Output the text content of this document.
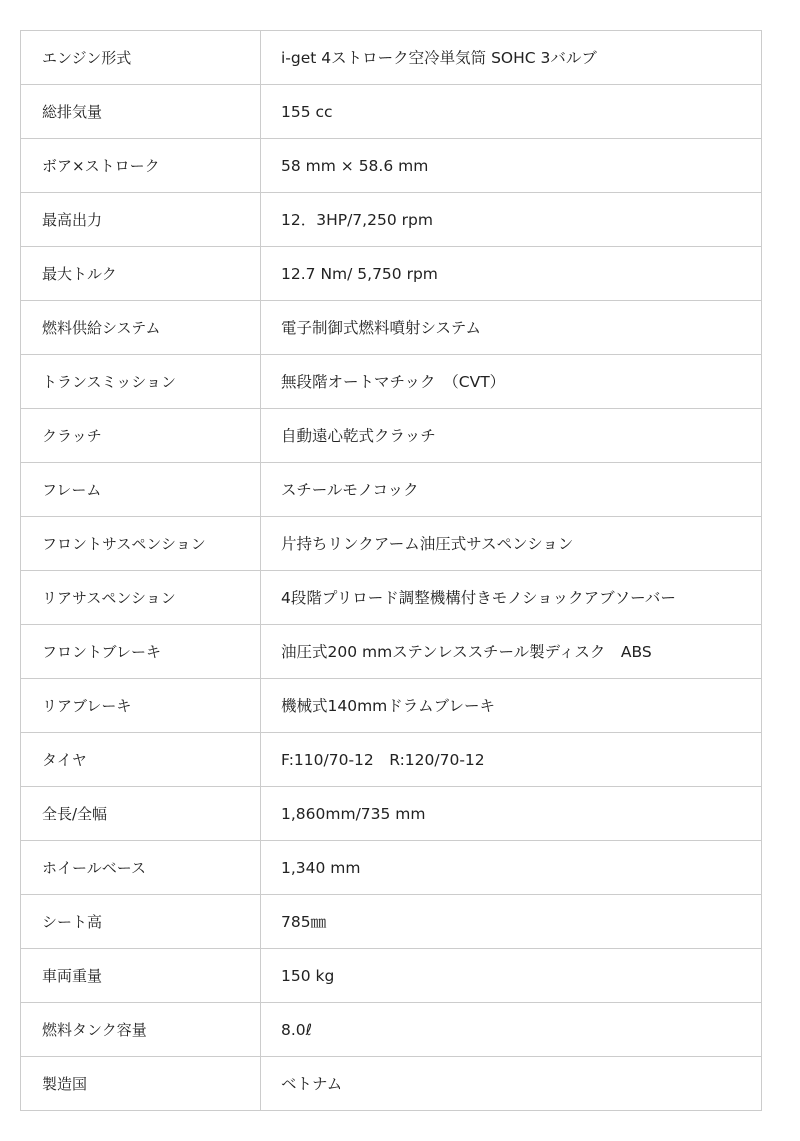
エンジン形式	i-get 4ストローク空冷単気筒 SOHC 3バルブ
総排気量	155 cc
ボア×ストローク	58 mm × 58.6 mm
最高出力	12．3HP/7,250 rpm
最大トルク	12.7 Nm/ 5,750 rpm
燃料供給システム	電子制御式燃料噴射システム
トランスミッション	無段階オートマチック　（CVT）
クラッチ	自動遠心乾式クラッチ
フレーム	スチールモノコック
フロントサスペンション	片持ちリンクアーム油圧式サスペンション
リアサスペンション	4段階プリロード調整機構付きモノショックアブソーバー
フロントブレーキ	油圧式200 mmステンレススチール製ディスク　ABS
リアブレーキ	機械式140mmドラムブレーキ
タイヤ	F:110/70-12　R:120/70-12
全長/全幅	1,860mm/735 mm
ホイールベース	1,340 mm
シート高	785㎜
車両重量	150 kg
燃料タンク容量	8.0ℓ
製造国	ベトナム
